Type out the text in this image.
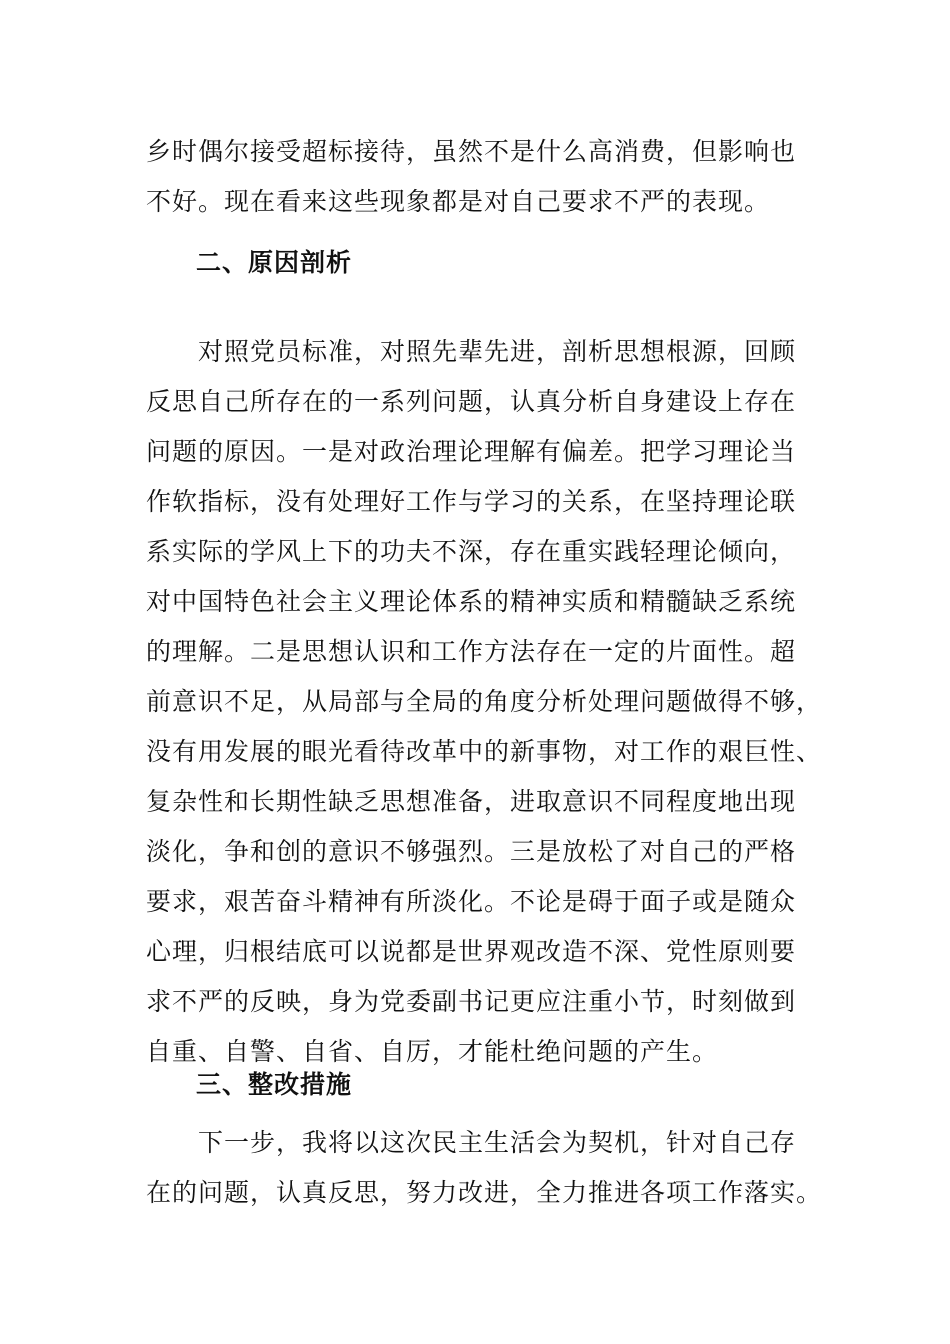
乡时偶尔接受超标接待，虽然不是什么高消费，但影响也
不好。现在看来这些现象都是对自己要求不严的表现。
二、原因剖析
　　对照党员标准，对照先辈先进，剖析思想根源，回顾
反思自己所存在的一系列问题，认真分析自身建设上存在
问题的原因。一是对政治理论理解有偏差。把学习理论当
作软指标，没有处理好工作与学习的关系，在坚持理论联
系实际的学风上下的功夫不深，存在重实践轻理论倾向，
对中国特色社会主义理论体系的精神实质和精髓缺乏系统
的理解。二是思想认识和工作方法存在一定的片面性。超
前意识不足，从局部与全局的角度分析处理问题做得不够，
没有用发展的眼光看待改革中的新事物，对工作的艰巨性、
复杂性和长期性缺乏思想准备，进取意识不同程度地出现
淡化，争和创的意识不够强烈。三是放松了对自己的严格
要求，艰苦奋斗精神有所淡化。不论是碍于面子或是随众
心理，归根结底可以说都是世界观改造不深、党性原则要
求不严的反映，身为党委副书记更应注重小节，时刻做到
自重、自警、自省、自厉，才能杜绝问题的产生。
三、整改措施
　　下一步，我将以这次民主生活会为契机，针对自己存
在的问题，认真反思，努力改进，全力推进各项工作落实。
